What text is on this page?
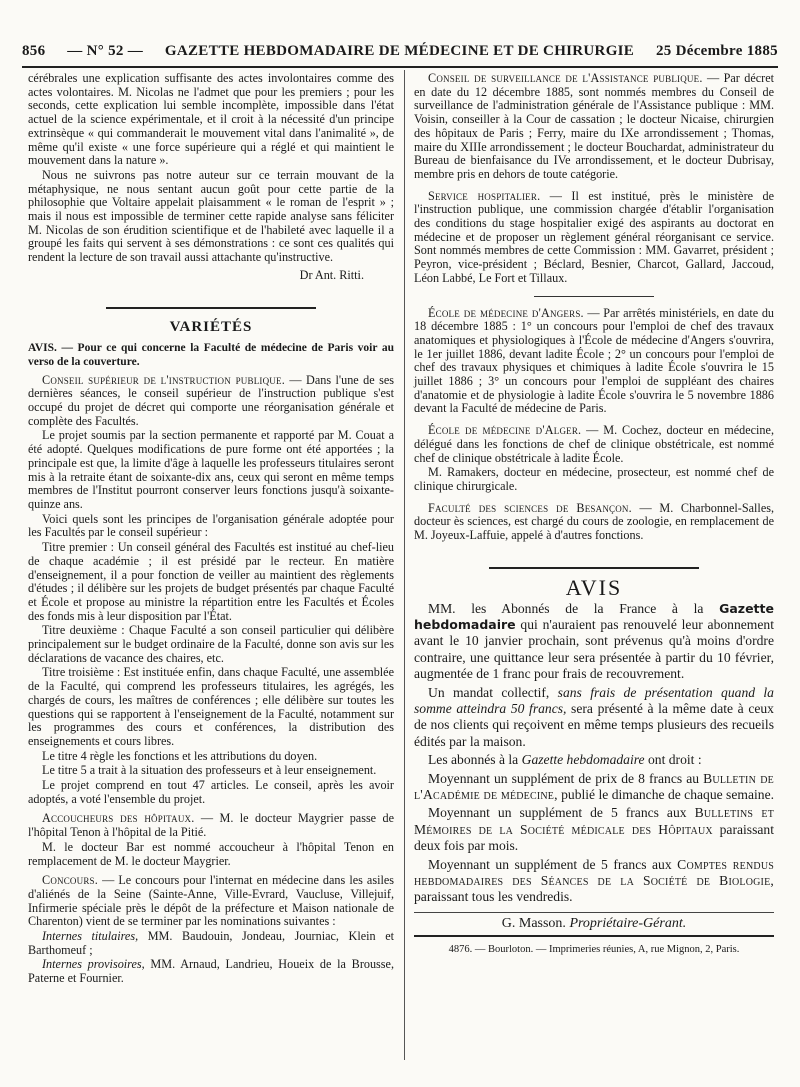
856 — N° 52 — GAZETTE HEBDOMADAIRE DE MÉDECINE ET DE CHIRURGIE 25 Décembre 1885

cérébrales une explication suffisante des actes involontaires comme des actes volontaires. M. Nicolas ne l'admet que pour les premiers ; pour les seconds, cette explication lui semble incomplète, impossible dans l'état actuel de la science expérimentale, et il croit à la nécessité d'un principe extrinsèque « qui commanderait le mouvement vital dans l'animalité », de même qu'il existe « une force supérieure qui a réglé et qui maintient le mouvement dans la nature ».

Nous ne suivrons pas notre auteur sur ce terrain mouvant de la métaphysique, ne nous sentant aucun goût pour cette partie de la philosophie que Voltaire appelait plaisamment « le roman de l'esprit » ; mais il nous est impossible de terminer cette rapide analyse sans féliciter M. Nicolas de son érudition scientifique et de l'habileté avec laquelle il a groupé les faits qui servent à ses démonstrations : ce sont ces qualités qui rendent la lecture de son travail aussi attachante qu'instructive.

Dr Ant. Ritti.

VARIÉTÉS

AVIS. — Pour ce qui concerne la Faculté de médecine de Paris voir au verso de la couverture.

Conseil supérieur de l'instruction publique. — Dans l'une de ses dernières séances, le conseil supérieur de l'instruction publique s'est occupé du projet de décret qui comporte une réorganisation générale et complète des Facultés.

Le projet soumis par la section permanente et rapporté par M. Couat a été adopté. Quelques modifications de pure forme ont été apportées ; la principale est que, la limite d'âge à laquelle les professeurs titulaires seront mis à la retraite étant de soixante-dix ans, ceux qui seront en même temps membres de l'Institut pourront conserver leurs fonctions jusqu'à soixante-quinze ans.

Voici quels sont les principes de l'organisation générale adoptée pour les Facultés par le conseil supérieur :

Titre premier : Un conseil général des Facultés est institué au chef-lieu de chaque académie ; il est présidé par le recteur. En matière d'enseignement, il a pour fonction de veiller au maintient des règlements d'études ; il délibère sur les projets de budget présentés par chaque Faculté et École et propose au ministre la répartition entre les Facultés et Écoles des fonds mis à leur disposition par l'État.

Titre deuxième : Chaque Faculté a son conseil particulier qui délibère principalement sur le budget ordinaire de la Faculté, donne son avis sur les déclarations de vacance des chaires, etc.

Titre troisième : Est instituée enfin, dans chaque Faculté, une assemblée de la Faculté, qui comprend les professeurs titulaires, les agrégés, les chargés de cours, les maîtres de conférences ; elle délibère sur toutes les questions qui se rapportent à l'enseignement de la Faculté, notamment sur les programmes des cours et conférences, la distribution des enseignements et cours libres.

Le titre 4 règle les fonctions et les attributions du doyen.

Le titre 5 a trait à la situation des professeurs et à leur enseignement.

Le projet comprend en tout 47 articles. Le conseil, après les avoir adoptés, a voté l'ensemble du projet.

Accoucheurs des hôpitaux. — M. le docteur Maygrier passe de l'hôpital Tenon à l'hôpital de la Pitié.

M. le docteur Bar est nommé accoucheur à l'hôpital Tenon en remplacement de M. le docteur Maygrier.

Concours. — Le concours pour l'internat en médecine dans les asiles d'aliénés de la Seine (Sainte-Anne, Ville-Evrard, Vaucluse, Villejuif, Infirmerie spéciale près le dépôt de la préfecture et Maison nationale de Charenton) vient de se terminer par les nominations suivantes :

Internes titulaires, MM. Baudouin, Jondeau, Journiac, Klein et Barthomeuf ;

Internes provisoires, MM. Arnaud, Landrieu, Houeix de la Brousse, Paterne et Fournier.

Conseil de surveillance de l'Assistance publique. — Par décret en date du 12 décembre 1885, sont nommés membres du Conseil de surveillance de l'administration générale de l'Assistance publique : MM. Voisin, conseiller à la Cour de cassation ; le docteur Nicaise, chirurgien des hôpitaux de Paris ; Ferry, maire du IXe arrondissement ; Thomas, maire du XIIIe arrondissement ; le docteur Bouchardat, administrateur du Bureau de bienfaisance du IVe arrondissement, et le docteur Dubrisay, membre pris en dehors de toute catégorie.

Service hospitalier. — Il est institué, près le ministère de l'instruction publique, une commission chargée d'établir l'organisation des conditions du stage hospitalier exigé des aspirants au doctorat en médecine et de proposer un règlement général réorganisant ce service. Sont nommés membres de cette Commission : MM. Gavarret, président ; Peyron, vice-président ; Béclard, Besnier, Charcot, Gallard, Jaccoud, Léon Labbé, Le Fort et Tillaux.

École de médecine d'Angers. — Par arrêtés ministériels, en date du 18 décembre 1885 : 1° un concours pour l'emploi de chef des travaux anatomiques et physiologiques à l'École de médecine d'Angers s'ouvrira, le 1er juillet 1886, devant ladite École ; 2° un concours pour l'emploi de chef des travaux physiques et chimiques à ladite École s'ouvrira le 15 juillet 1886 ; 3° un concours pour l'emploi de suppléant des chaires d'anatomie et de physiologie à ladite École s'ouvrira le 5 novembre 1886 devant la Faculté de médecine de Paris.

École de médecine d'Alger. — M. Cochez, docteur en médecine, délégué dans les fonctions de chef de clinique obstétricale, est nommé chef de clinique obstétricale à ladite École.

M. Ramakers, docteur en médecine, prosecteur, est nommé chef de clinique chirurgicale.

Faculté des sciences de Besançon. — M. Charbonnel-Salles, docteur ès sciences, est chargé du cours de zoologie, en remplacement de M. Joyeux-Laffuie, appelé à d'autres fonctions.

AVIS

MM. les Abonnés de la France à la Gazette hebdomadaire qui n'auraient pas renouvelé leur abonnement avant le 10 janvier prochain, sont prévenus qu'à moins d'ordre contraire, une quittance leur sera présentée à partir du 10 février, augmentée de 1 franc pour frais de recouvrement.

Un mandat collectif, sans frais de présentation quand la somme atteindra 50 francs, sera présenté à la même date à ceux de nos clients qui reçoivent en même temps plusieurs des recueils édités par la maison.

Les abonnés à la Gazette hebdomadaire ont droit :

Moyennant un supplément de prix de 8 francs au Bulletin de l'Académie de médecine, publié le dimanche de chaque semaine.

Moyennant un supplément de 5 francs aux Bulletins et Mémoires de la Société médicale des Hôpitaux paraissant deux fois par mois.

Moyennant un supplément de 5 francs aux Comptes rendus hebdomadaires des Séances de la Société de Biologie, paraissant tous les vendredis.

G. Masson. Propriétaire-Gérant.
4876. — Bourloton. — Imprimeries réunies, A, rue Mignon, 2, Paris.
